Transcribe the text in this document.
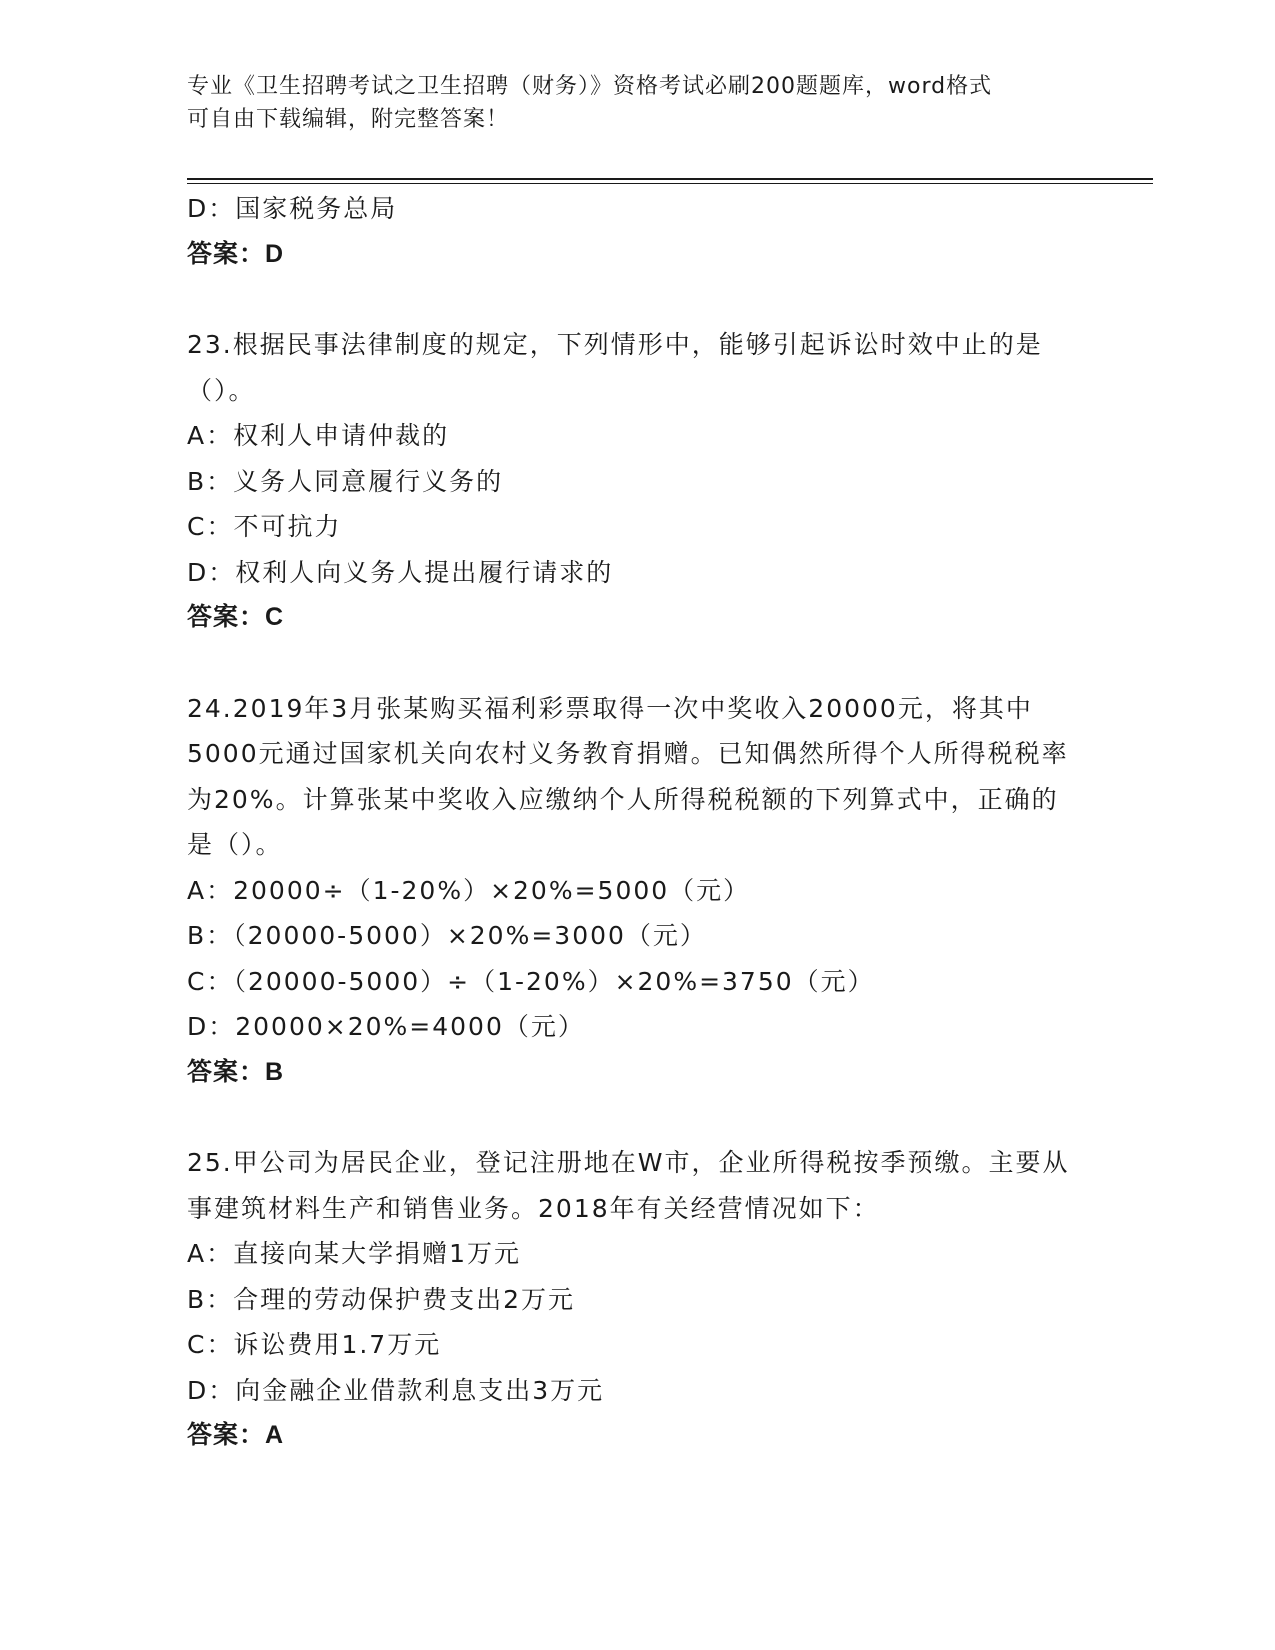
专业《卫生招聘考试之卫生招聘（财务）》资格考试必刷200题题库，word格式
可自由下载编辑，附完整答案！
D：国家税务总局
答案：D
23.根据民事法律制度的规定，下列情形中，能够引起诉讼时效中止的是（）。
A：权利人申请仲裁的
B：义务人同意履行义务的
C：不可抗力
D：权利人向义务人提出履行请求的
答案：C
24.2019年3月张某购买福利彩票取得一次中奖收入20000元，将其中5000元通过国家机关向农村义务教育捐赠。已知偶然所得个人所得税税率为20%。计算张某中奖收入应缴纳个人所得税税额的下列算式中，正确的是（）。
A：20000÷（1-20%）×20%=5000（元）
B：（20000-5000）×20%=3000（元）
C：（20000-5000）÷（1-20%）×20%=3750（元）
D：20000×20%=4000（元）
答案：B
25.甲公司为居民企业，登记注册地在W市，企业所得税按季预缴。主要从事建筑材料生产和销售业务。2018年有关经营情况如下：
A：直接向某大学捐赠1万元
B：合理的劳动保护费支出2万元
C：诉讼费用1.7万元
D：向金融企业借款利息支出3万元
答案：A
